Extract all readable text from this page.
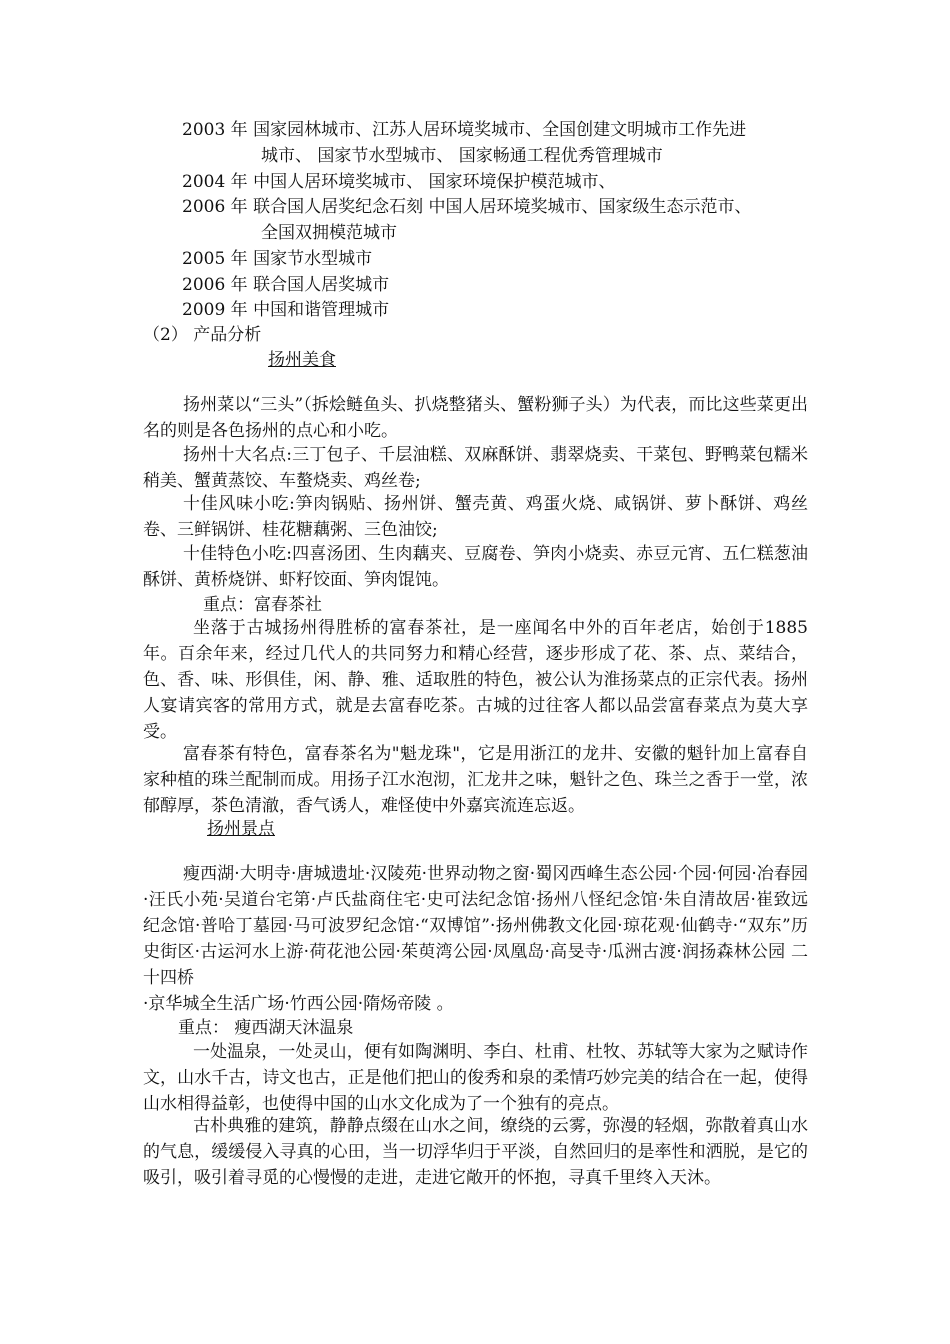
2003 年 国家园林城市、江苏人居环境奖城市、全国创建文明城市工作先进
城市、 国家节水型城市、 国家畅通工程优秀管理城市
2004 年 中国人居环境奖城市、 国家环境保护模范城市、
2006 年 联合国人居奖纪念石刻 中国人居环境奖城市、国家级生态示范市、
全国双拥模范城市
2005 年 国家节水型城市
2006 年 联合国人居奖城市
2009 年 中国和谐管理城市
（2） 产品分析
扬州美食
扬州菜以“三头”（拆烩鲢鱼头、扒烧整猪头、蟹粉狮子头）为代表，而比这些菜更出名的则是各色扬州的点心和小吃。
扬州十大名点:三丁包子、千层油糕、双麻酥饼、翡翠烧卖、干菜包、野鸭菜包糯米稍美、蟹黄蒸饺、车螯烧卖、鸡丝卷;
十佳风味小吃:笋肉锅贴、扬州饼、蟹壳黄、鸡蛋火烧、咸锅饼、萝卜酥饼、鸡丝卷、三鲜锅饼、桂花糖藕粥、三色油饺;
十佳特色小吃:四喜汤团、生肉藕夹、豆腐卷、笋肉小烧卖、赤豆元宵、五仁糕葱油酥饼、黄桥烧饼、虾籽饺面、笋肉馄饨。
重点：富春茶社
坐落于古城扬州得胜桥的富春茶社，是一座闻名中外的百年老店，始创于1885 年。百余年来，经过几代人的共同努力和精心经营，逐步形成了花、茶、点、菜结合，色、香、味、形俱佳，闲、静、雅、适取胜的特色，被公认为淮扬菜点的正宗代表。扬州人宴请宾客的常用方式，就是去富春吃茶。古城的过往客人都以品尝富春菜点为莫大享受。
富春茶有特色，富春茶名为"魁龙珠"，它是用浙江的龙井、安徽的魁针加上富春自家种植的珠兰配制而成。用扬子江水泡沏，汇龙井之味，魁针之色、珠兰之香于一堂，浓郁醇厚，茶色清澈，香气诱人，难怪使中外嘉宾流连忘返。
扬州景点
瘦西湖·大明寺·唐城遗址·汉陵苑·世界动物之窗·蜀冈西峰生态公园·个园·何园·冶春园·汪氏小苑·吴道台宅第·卢氏盐商住宅·史可法纪念馆·扬州八怪纪念馆·朱自清故居·崔致远纪念馆·普哈丁墓园·马可波罗纪念馆·“双博馆”·扬州佛教文化园·琼花观·仙鹤寺·“双东”历史街区·古运河水上游·荷花池公园·茱萸湾公园·凤凰岛·高旻寺·瓜洲古渡·润扬森林公园 二十四桥
·京华城全生活广场·竹西公园·隋炀帝陵 。
重点： 瘦西湖天沐温泉
一处温泉，一处灵山，便有如陶渊明、李白、杜甫、杜牧、苏轼等大家为之赋诗作文，山水千古，诗文也古，正是他们把山的俊秀和泉的柔情巧妙完美的结合在一起，使得山水相得益彰，也使得中国的山水文化成为了一个独有的亮点。
古朴典雅的建筑，静静点缀在山水之间，缭绕的云雾，弥漫的轻烟，弥散着真山水的气息，缓缓侵入寻真的心田，当一切浮华归于平淡，自然回归的是率性和洒脱，是它的吸引，吸引着寻觅的心慢慢的走进，走进它敞开的怀抱，寻真千里终入天沐。
